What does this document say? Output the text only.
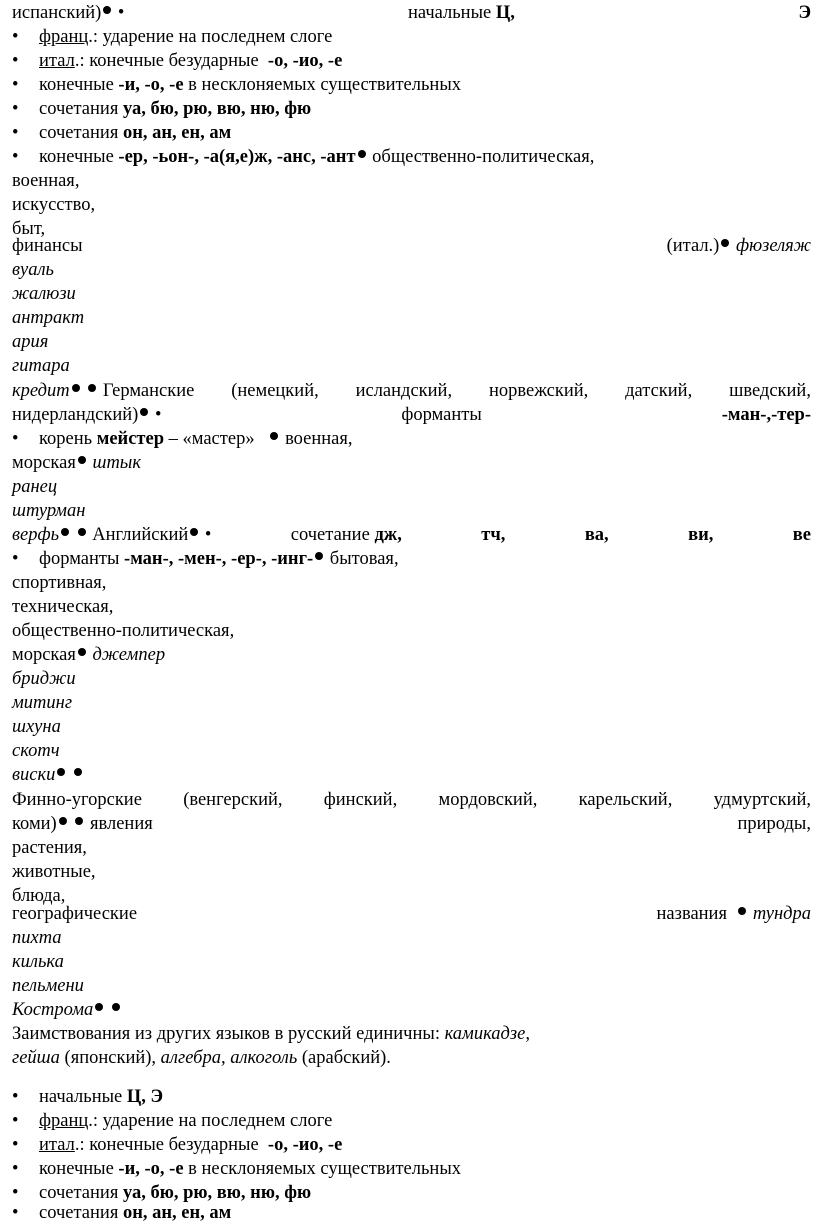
испанский) •	начальные Ц,	Э
• франц.: ударение на последнем слоге
• итал.: конечные безударные  -о, -ио, -е
• конечные -и, -о, -е в несклоняемых существительных
• сочетания уа, бю, рю, вю, ню, фю
• сочетания он, ан, ен, ам
• конечные -ер, -ьон-, -а(я,е)ж, -анс, -ант общественно-политическая,
военная,
искусство,
быт,
финансы	(итал.) фюзеляж
вуаль
жалюзи
антракт
ария
гитара
кредит Германские (немецкий, исландский, норвежский, датский, шведский,
нидерландский) •	форманты	-ман-,-тер-
• корень мейстер – «мастер» военная,
морская штык
ранец
штурман
верфь Английский •	сочетание дж,	тч,	ва,	ви,	ве
• форманты -ман-, -мен-, -ер-, -инг- бытовая,
спортивная,
техническая,
общественно-политическая,
морская джемпер
бриджи
митинг
шхуна
скотч
виски
Финно-угорские (венгерский, финский, мордовский, карельский, удмуртский,
коми) явления	природы,
растения,
животные,
блюда,
географические	названия тундра
пихта
килька
пельмени
Кострома
Заимствования из других языков в русский единичны: камикадзе,
гейша (японский), алгебра, алкоголь (арабский).
• начальные Ц, Э
• франц.: ударение на последнем слоге
• итал.: конечные безударные  -о, -ио, -е
• конечные -и, -о, -е в несклоняемых существительных
• сочетания уа, бю, рю, вю, ню, фю
• сочетания он, ан, ен, ам
